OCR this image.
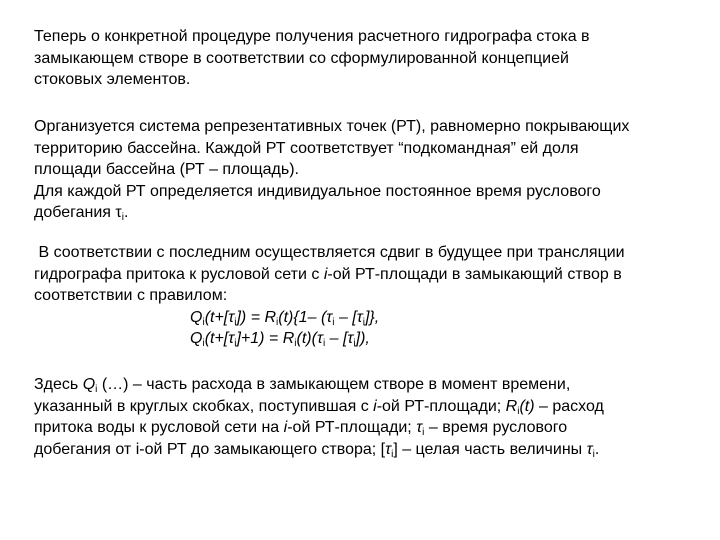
Теперь о конкретной процедуре получения расчетного гидрографа стока в
замыкающем створе в соответствии со сформулированной концепцией
стоковых элементов.

Организуется система репрезентативных точек (РТ), равномерно покрывающих
территорию бассейна. Каждой РТ соответствует “подкомандная” ей доля
площади бассейна (РТ – площадь).
Для каждой РТ определяется индивидуальное постоянное время руслового
добегания $\tau_i$.

В соответствии с последним осуществляется сдвиг в будущее при трансляции
гидрографа притока к русловой сети с i-ой РТ-площади в замыкающий створ в
соответствии с правилом:
$Q_i(t+[\tau_i]) = R_i(t)\{1-$ $(\tau_i - [\tau_i]\}$,
$Q_i(t+[\tau_i]+1) = R_i(t)(\tau_i - [\tau_i])$,

Здесь $Q_i$ (…) – часть расхода в замыкающем створе в момент времени,
указанный в круглых скобках, поступившая с i-ой РТ-площади; $R_i(t)$ – расход
притока воды к русловой сети на i-ой РТ-площади; $\tau_i$ – время руслового
добегания от i-ой РТ до замыкающего створа; $[\tau_i]$ – целая часть величины $\tau_i$.
